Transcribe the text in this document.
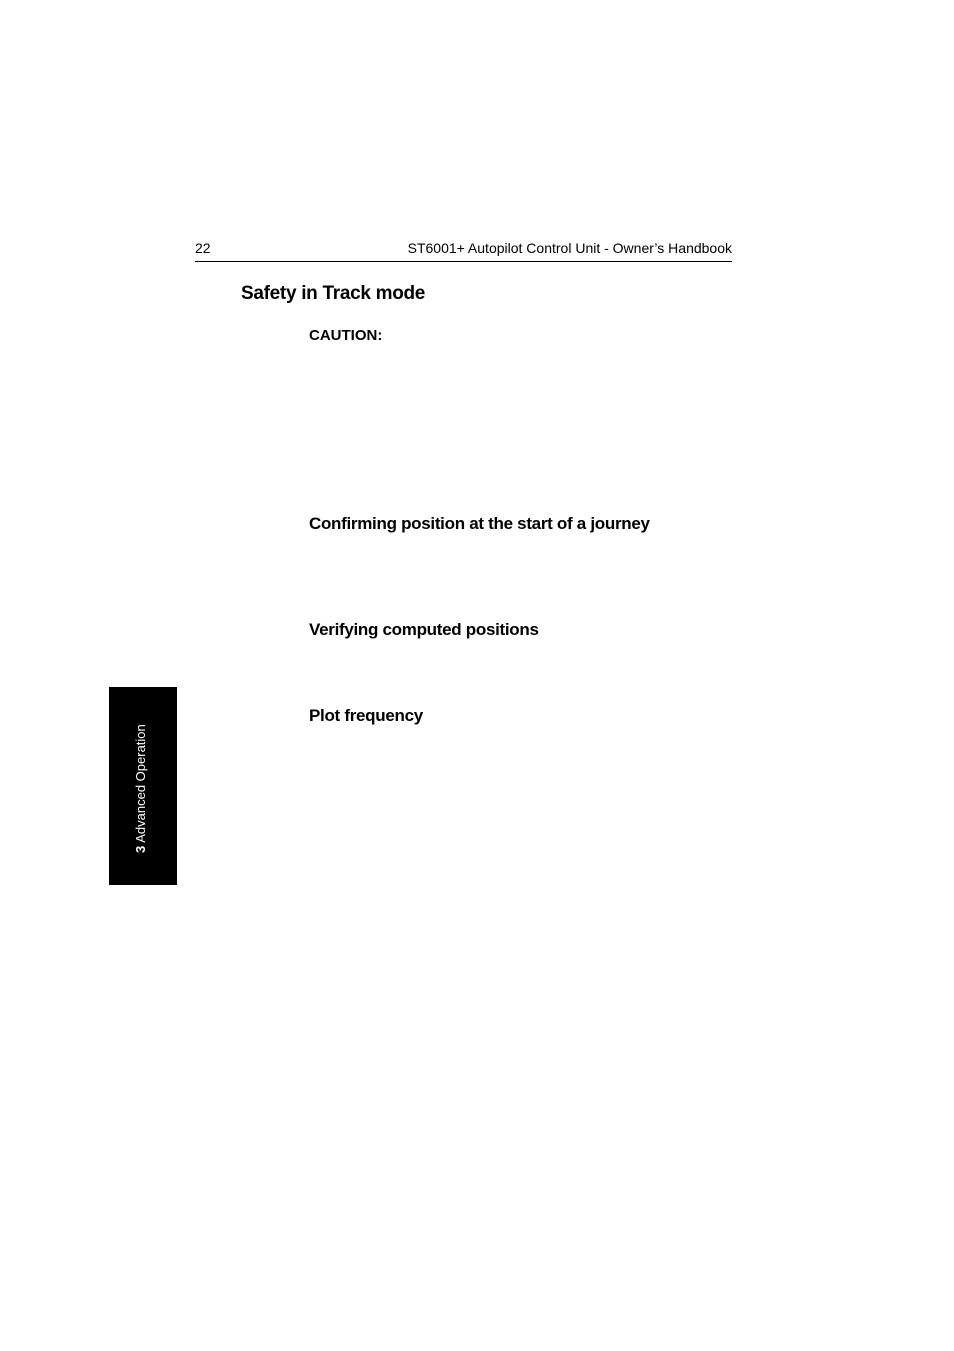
22	ST6001+ Autopilot Control Unit - Owner’s Handbook
Safety in Track mode
CAUTION:
Confirming position at the start of a journey
Verifying computed positions
Plot frequency
3Advanced Operation
